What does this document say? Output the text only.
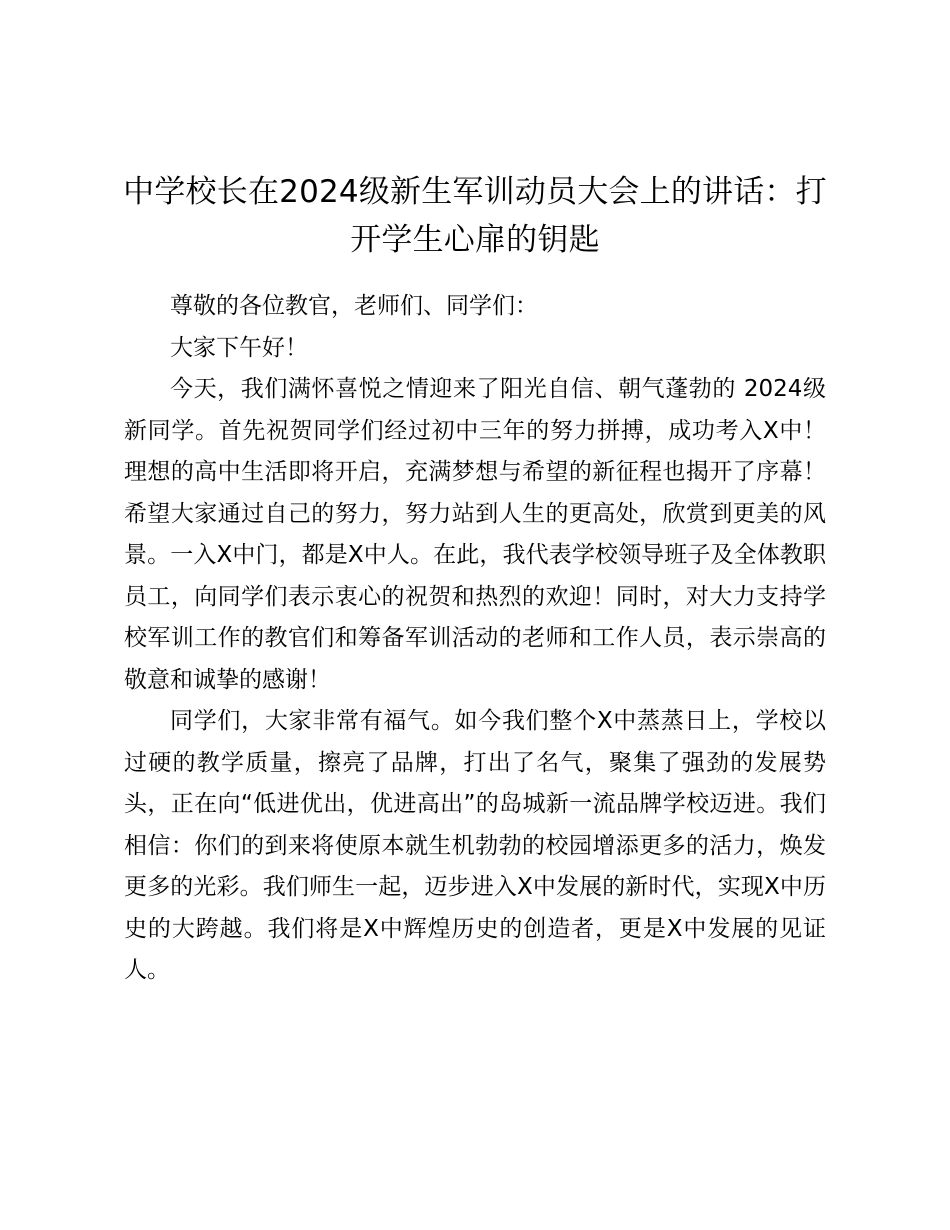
中学校长在2024级新生军训动员大会上的讲话：打开学生心扉的钥匙

尊敬的各位教官，老师们、同学们：

大家下午好！

今天，我们满怀喜悦之情迎来了阳光自信、朝气蓬勃的 2024级新同学。首先祝贺同学们经过初中三年的努力拼搏，成功考入X中！理想的高中生活即将开启，充满梦想与希望的新征程也揭开了序幕！希望大家通过自己的努力，努力站到人生的更高处，欣赏到更美的风景。一入X中门，都是X中人。在此，我代表学校领导班子及全体教职员工，向同学们表示衷心的祝贺和热烈的欢迎！同时，对大力支持学校军训工作的教官们和筹备军训活动的老师和工作人员，表示崇高的敬意和诚挚的感谢！

同学们，大家非常有福气。如今我们整个X中蒸蒸日上，学校以过硬的教学质量，擦亮了品牌，打出了名气，聚集了强劲的发展势头，正在向“低进优出，优进高出”的岛城新一流品牌学校迈进。我们相信：你们的到来将使原本就生机勃勃的校园增添更多的活力，焕发更多的光彩。我们师生一起，迈步进入X中发展的新时代，实现X中历史的大跨越。我们将是X中辉煌历史的创造者，更是X中发展的见证人。
